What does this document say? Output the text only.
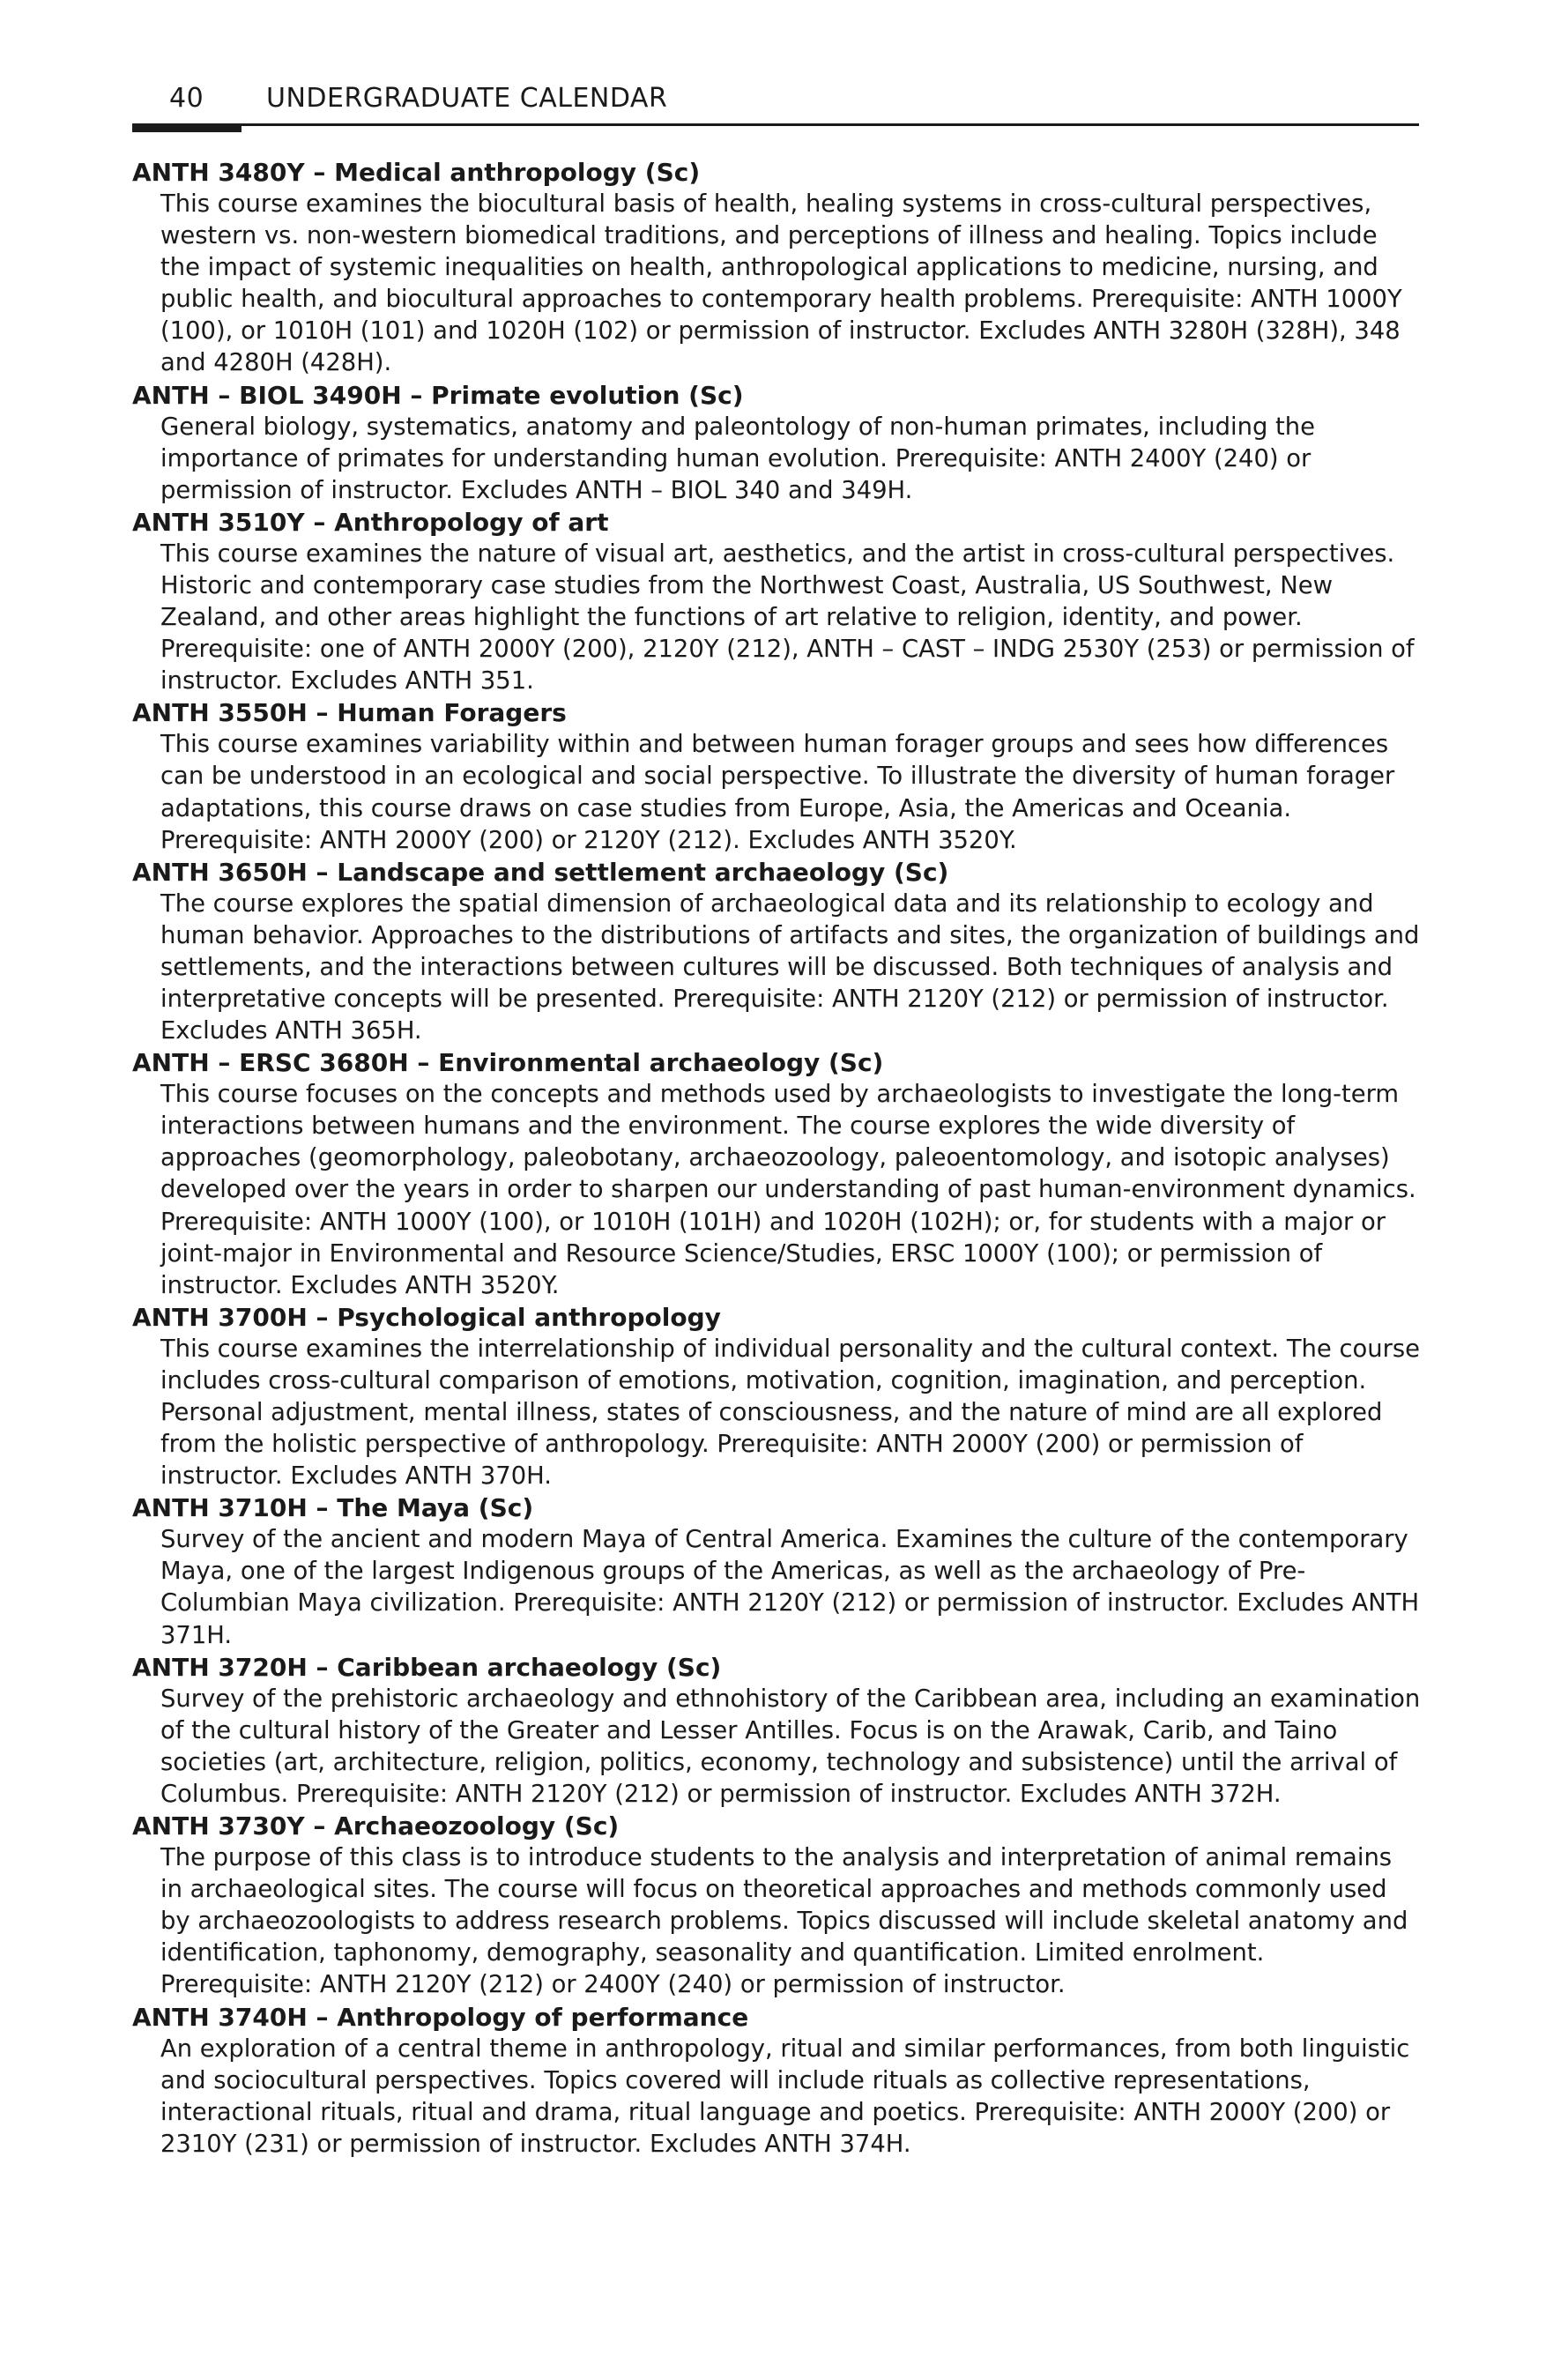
40 UNDERGRADUATE CALENDAR
ANTH 3480Y – Medical anthropology (Sc)

This course examines the biocultural basis of health, healing systems in cross-cultural perspectives, western vs. non-western biomedical traditions, and perceptions of illness and healing. Topics include the impact of systemic inequalities on health, anthropological applications to medicine, nursing, and public health, and biocultural approaches to contemporary health problems. Prerequisite: ANTH 1000Y (100), or 1010H (101) and 1020H (102) or permission of instructor. Excludes ANTH 3280H (328H), 348 and 4280H (428H).

ANTH – BIOL 3490H – Primate evolution (Sc)

General biology, systematics, anatomy and paleontology of non-human primates, including the importance of primates for understanding human evolution. Prerequisite: ANTH 2400Y (240) or permission of instructor. Excludes ANTH – BIOL 340 and 349H.

ANTH 3510Y – Anthropology of art

This course examines the nature of visual art, aesthetics, and the artist in cross-cultural perspectives. Historic and contemporary case studies from the Northwest Coast, Australia, US Southwest, New Zealand, and other areas highlight the functions of art relative to religion, identity, and power. Prerequisite: one of ANTH 2000Y (200), 2120Y (212), ANTH – CAST – INDG 2530Y (253) or permission of instructor. Excludes ANTH 351.

ANTH 3550H – Human Foragers

This course examines variability within and between human forager groups and sees how differences can be understood in an ecological and social perspective. To illustrate the diversity of human forager adaptations, this course draws on case studies from Europe, Asia, the Americas and Oceania. Prerequisite: ANTH 2000Y (200) or 2120Y (212). Excludes ANTH 3520Y.

ANTH 3650H – Landscape and settlement archaeology (Sc)

The course explores the spatial dimension of archaeological data and its relationship to ecology and human behavior. Approaches to the distributions of artifacts and sites, the organization of buildings and settlements, and the interactions between cultures will be discussed. Both techniques of analysis and interpretative concepts will be presented. Prerequisite: ANTH 2120Y (212) or permission of instructor. Excludes ANTH 365H.

ANTH – ERSC 3680H – Environmental archaeology (Sc)

This course focuses on the concepts and methods used by archaeologists to investigate the long-term interactions between humans and the environment. The course explores the wide diversity of approaches (geomorphology, paleobotany, archaeozoology, paleoentomology, and isotopic analyses) developed over the years in order to sharpen our understanding of past human-environment dynamics. Prerequisite: ANTH 1000Y (100), or 1010H (101H) and 1020H (102H); or, for students with a major or joint-major in Environmental and Resource Science/Studies, ERSC 1000Y (100); or permission of instructor. Excludes ANTH 3520Y.

ANTH 3700H – Psychological anthropology

This course examines the interrelationship of individual personality and the cultural context. The course includes cross-cultural comparison of emotions, motivation, cognition, imagination, and perception. Personal adjustment, mental illness, states of consciousness, and the nature of mind are all explored from the holistic perspective of anthropology. Prerequisite: ANTH 2000Y (200) or permission of instructor. Excludes ANTH 370H.

ANTH 3710H – The Maya (Sc)

Survey of the ancient and modern Maya of Central America. Examines the culture of the contemporary Maya, one of the largest Indigenous groups of the Americas, as well as the archaeology of Pre-Columbian Maya civilization. Prerequisite: ANTH 2120Y (212) or permission of instructor. Excludes ANTH 371H.

ANTH 3720H – Caribbean archaeology (Sc)

Survey of the prehistoric archaeology and ethnohistory of the Caribbean area, including an examination of the cultural history of the Greater and Lesser Antilles. Focus is on the Arawak, Carib, and Taino societies (art, architecture, religion, politics, economy, technology and subsistence) until the arrival of Columbus. Prerequisite: ANTH 2120Y (212) or permission of instructor. Excludes ANTH 372H.

ANTH 3730Y – Archaeozoology (Sc)

The purpose of this class is to introduce students to the analysis and interpretation of animal remains in archaeological sites. The course will focus on theoretical approaches and methods commonly used by archaeozoologists to address research problems. Topics discussed will include skeletal anatomy and identification, taphonomy, demography, seasonality and quantification. Limited enrolment. Prerequisite: ANTH 2120Y (212) or 2400Y (240) or permission of instructor.

ANTH 3740H – Anthropology of performance

An exploration of a central theme in anthropology, ritual and similar performances, from both linguistic and sociocultural perspectives. Topics covered will include rituals as collective representations, interactional rituals, ritual and drama, ritual language and poetics. Prerequisite: ANTH 2000Y (200) or 2310Y (231) or permission of instructor. Excludes ANTH 374H.
